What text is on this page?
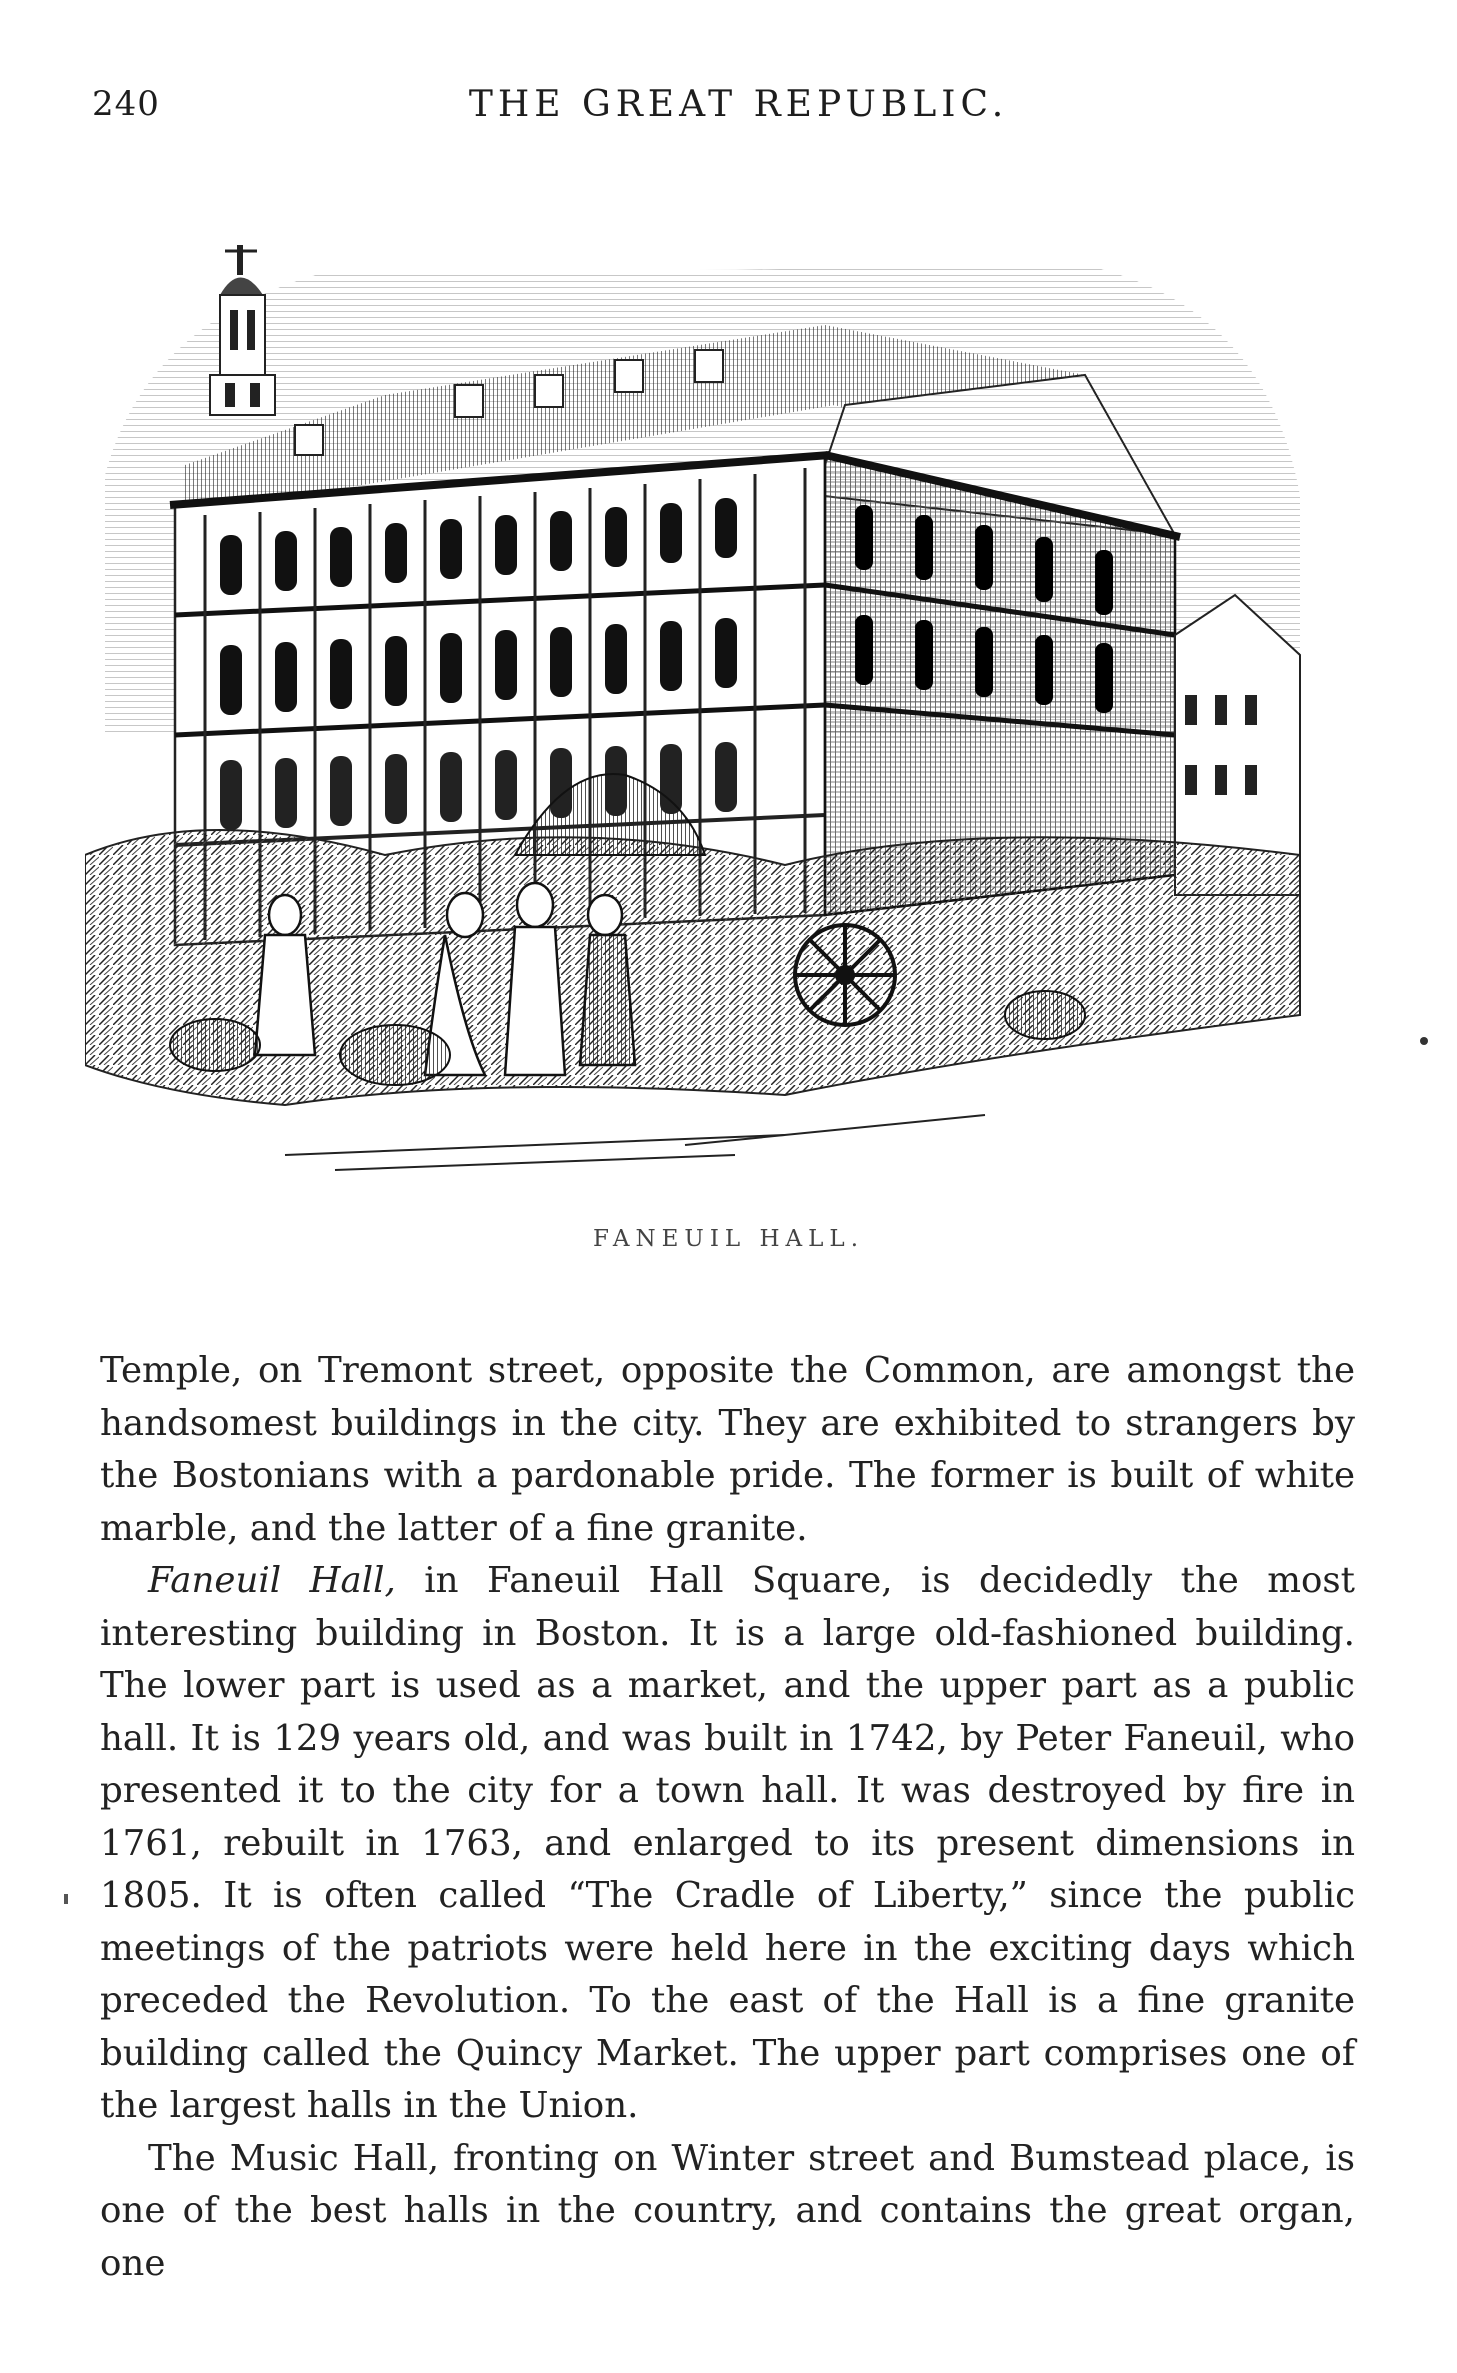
240	THE GREAT REPUBLIC.
FANEUIL HALL.

Temple, on Tremont street, opposite the Common, are amongst the handsomest buildings in the city. They are exhibited to strangers by the Bostonians with a pardonable pride. The former is built of white marble, and the latter of a fine granite.

Faneuil Hall, in Faneuil Hall Square, is decidedly the most interesting building in Boston. It is a large old-fashioned building. The lower part is used as a market, and the upper part as a public hall. It is 129 years old, and was built in 1742, by Peter Faneuil, who presented it to the city for a town hall. It was destroyed by fire in 1761, rebuilt in 1763, and enlarged to its present dimensions in 1805. It is often called “The Cradle of Liberty,” since the public meetings of the patriots were held here in the exciting days which preceded the Revolution. To the east of the Hall is a fine granite building called the Quincy Market. The upper part comprises one of the largest halls in the Union.

The Music Hall, fronting on Winter street and Bumstead place, is one of the best halls in the country, and contains the great organ, one
